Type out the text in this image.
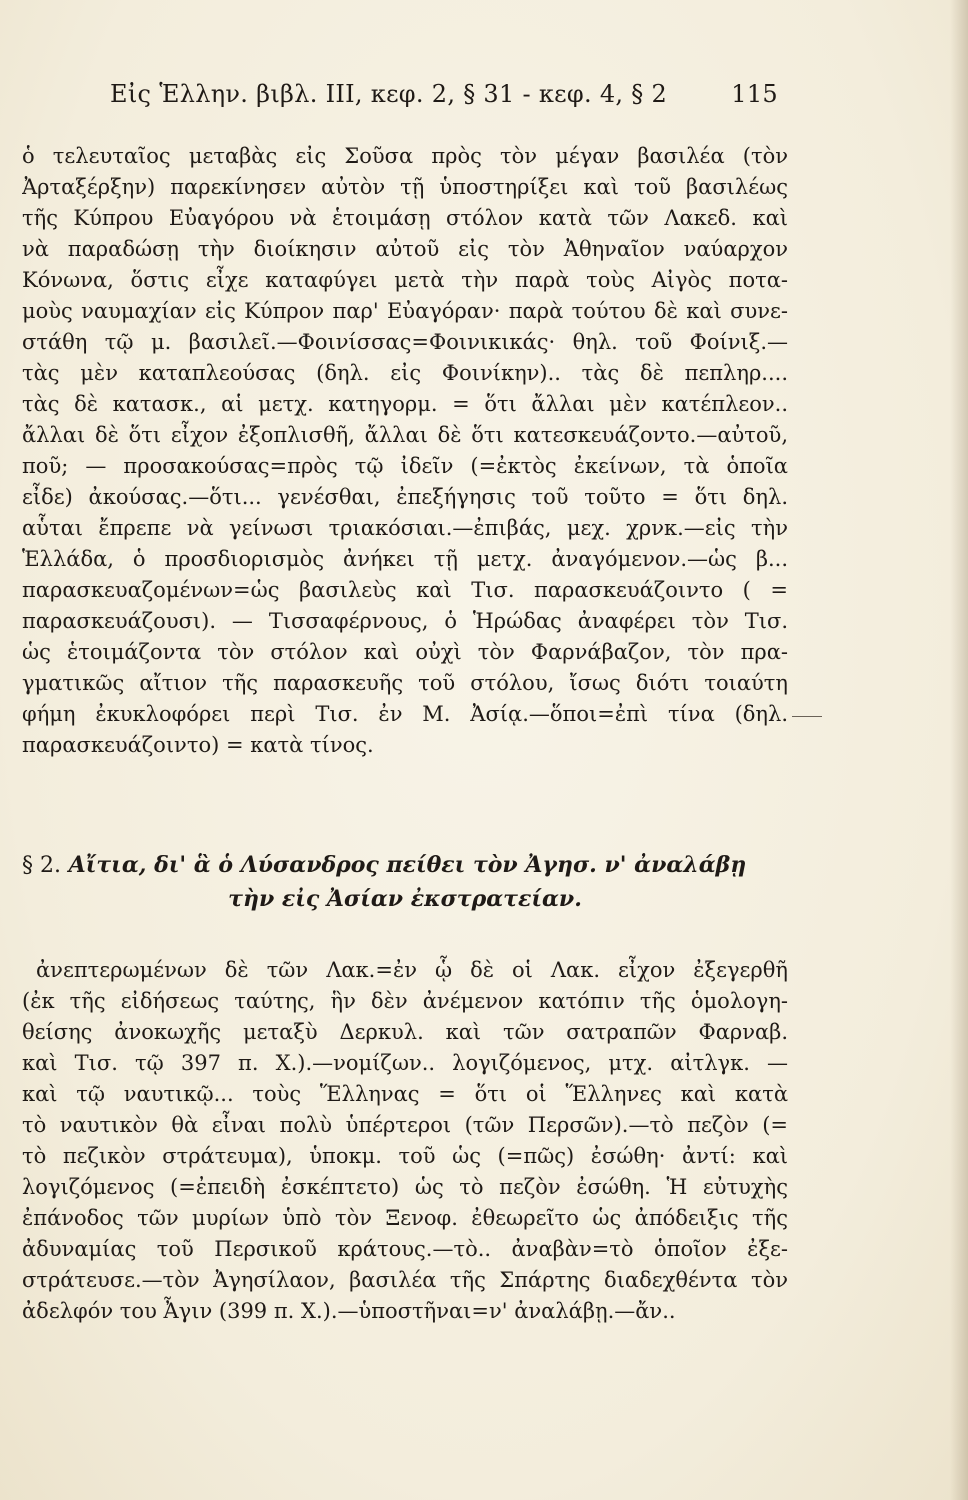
Εἰς Ἑλλην. βιβλ. III, κεφ. 2, § 31 - κεφ. 4, § 2	115
ὁ τελευταῖος μεταβὰς εἰς Σοῦσα πρὸς τὸν μέγαν βασιλέα (τὸν
Ἀρταξέρξην) παρεκίνησεν αὐτὸν τῇ ὑποστηρίξει καὶ τοῦ βασιλέως
τῆς Κύπρου Εὐαγόρου νὰ ἑτοιμάσῃ στόλον κατὰ τῶν Λακεδ. καὶ
νὰ παραδώσῃ τὴν διοίκησιν αὐτοῦ εἰς τὸν Ἀθηναῖον ναύαρχον
Κόνωνα, ὅστις εἶχε καταφύγει μετὰ τὴν παρὰ τοὺς Αἰγὸς ποτα-
μοὺς ναυμαχίαν εἰς Κύπρον παρ' Εὐαγόραν· παρὰ τούτου δὲ καὶ συνε-
στάθη τῷ μ. βασιλεῖ.—Φοινίσσας=Φοινικικάς· θηλ. τοῦ Φοίνιξ.—
τὰς μὲν καταπλεούσας (δηλ. εἰς Φοινίκην).. τὰς δὲ πεπληρ....
τὰς δὲ κατασκ., αἱ μετχ. κατηγορμ. = ὅτι ἄλλαι μὲν κατέπλεον..
ἄλλαι δὲ ὅτι εἶχον ἐξοπλισθῆ, ἄλλαι δὲ ὅτι κατεσκευάζοντο.—αὐτοῦ,
ποῦ; — προσακούσας=πρὸς τῷ ἰδεῖν (=ἐκτὸς ἐκείνων, τὰ ὁποῖα
εἶδε) ἀκούσας.—ὅτι... γενέσθαι, ἐπεξήγησις τοῦ τοῦτο = ὅτι δηλ.
αὗται ἔπρεπε νὰ γείνωσι τριακόσιαι.—ἐπιβάς, μεχ. χρνκ.—εἰς τὴν
Ἑλλάδα, ὁ προσδιορισμὸς ἀνήκει τῇ μετχ. ἀναγόμενον.—ὡς β...
παρασκευαζομένων=ὡς βασιλεὺς καὶ Τισ. παρασκευάζοιντο ( =
παρασκευάζουσι). — Τισσαφέρνους, ὁ Ἡρώδας ἀναφέρει τὸν Τισ.
ὡς ἑτοιμάζοντα τὸν στόλον καὶ οὐχὶ τὸν Φαρνάβαζον, τὸν πρα-
γματικῶς αἴτιον τῆς παρασκευῆς τοῦ στόλου, ἴσως διότι τοιαύτη
φήμη ἐκυκλοφόρει περὶ Τισ. ἐν Μ. Ἀσίᾳ.—ὅποι=ἐπὶ τίνα (δηλ.
παρασκευάζοιντο) = κατὰ τίνος.
§ 2. Αἴτια, δι' ἃ ὁ Λύσανδρος πείθει τὸν Ἀγησ. ν' ἀναλάβῃ
τὴν εἰς Ἀσίαν ἐκστρατείαν.
ἀνεπτερωμένων δὲ τῶν Λακ.=ἐν ᾧ δὲ οἱ Λακ. εἶχον ἐξεγερθῆ
(ἐκ τῆς εἰδήσεως ταύτης, ἣν δὲν ἀνέμενον κατόπιν τῆς ὁμολογη-
θείσης ἀνοκωχῆς μεταξὺ Δερκυλ. καὶ τῶν σατραπῶν Φαρναβ.
καὶ Τισ. τῷ 397 π. Χ.).—νομίζων.. λογιζόμενος, μτχ. αἰτλγκ. —
καὶ τῷ ναυτικῷ... τοὺς Ἕλληνας = ὅτι οἱ Ἕλληνες καὶ κατὰ
τὸ ναυτικὸν θὰ εἶναι πολὺ ὑπέρτεροι (τῶν Περσῶν).—τὸ πεζὸν (=
τὸ πεζικὸν στράτευμα), ὑποκμ. τοῦ ὡς (=πῶς) ἐσώθη· ἀντί: καὶ
λογιζόμενος (=ἐπειδὴ ἐσκέπτετο) ὡς τὸ πεζὸν ἐσώθη. Ἡ εὐτυχὴς
ἐπάνοδος τῶν μυρίων ὑπὸ τὸν Ξενοφ. ἐθεωρεῖτο ὡς ἀπόδειξις τῆς
ἀδυναμίας τοῦ Περσικοῦ κράτους.—τὸ.. ἀναβὰν=τὸ ὁποῖον ἐξε-
στράτευσε.—τὸν Ἀγησίλαον, βασιλέα τῆς Σπάρτης διαδεχθέντα τὸν
ἀδελφόν του Ἆγιν (399 π. Χ.).—ὑποστῆναι=ν' ἀναλάβῃ.—ἄν..
